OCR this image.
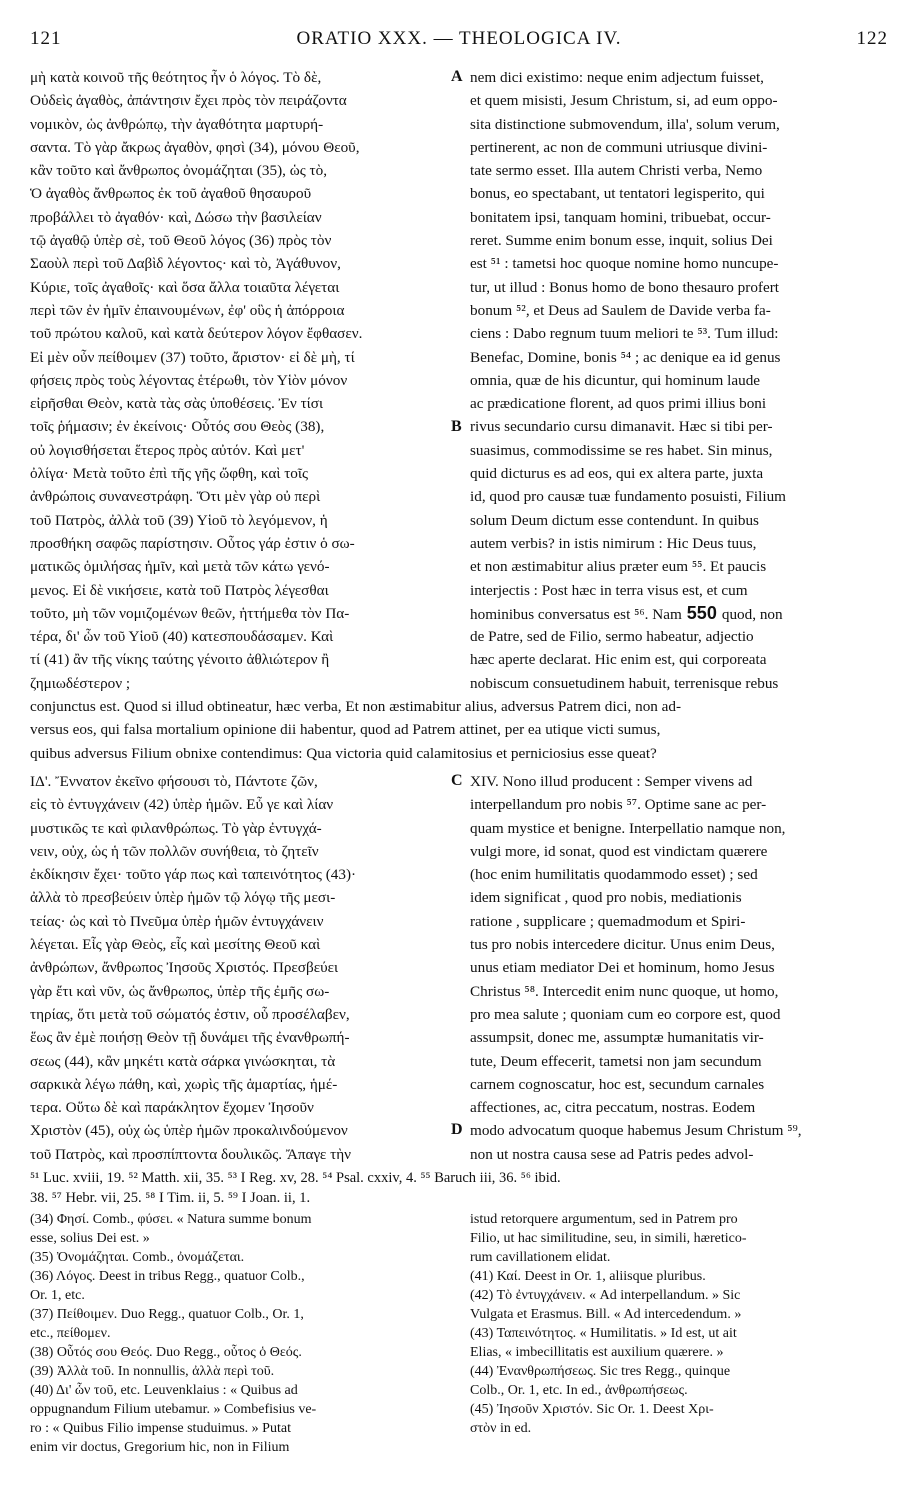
121	ORATIO XXX. — THEOLOGICA IV.	122
A
B
C
D
μὴ κατὰ κοινοῦ τῆς θεότητος ἦν ὁ λόγος. Τὸ δὲ,
Οὐδεὶς ἀγαθὸς, ἀπάντησιν ἔχει πρὸς τὸν πειράζοντα
νομικὸν, ὡς ἀνθρώπῳ, τὴν ἀγαθότητα μαρτυρή-
σαντα. Τὸ γὰρ ἄκρως ἀγαθὸν, φησὶ (34), μόνου Θεοῦ,
κἂν τοῦτο καὶ ἄνθρωπος ὀνομάζηται (35), ὡς τὸ,
Ὁ ἀγαθὸς ἄνθρωπος ἐκ τοῦ ἀγαθοῦ θησαυροῦ
προβάλλει τὸ ἀγαθόν· καὶ, Δώσω τὴν βασιλείαν
τῷ ἀγαθῷ ὑπὲρ σὲ, τοῦ Θεοῦ λόγος (36) πρὸς τὸν
Σαοὺλ περὶ τοῦ Δαβὶδ λέγοντος· καὶ τὸ, Ἀγάθυνον,
Κύριε, τοῖς ἀγαθοῖς· καὶ ὅσα ἄλλα τοιαῦτα λέγεται
περὶ τῶν ἐν ἡμῖν ἐπαινουμένων, ἐφ' οὓς ἡ ἀπόρροια
τοῦ πρώτου καλοῦ, καὶ κατὰ δεύτερον λόγον ἔφθασεν.
Εἰ μὲν οὖν πείθοιμεν (37) τοῦτο, ἄριστον· εἰ δὲ μὴ, τί
φήσεις πρὸς τοὺς λέγοντας ἑτέρωθι, τὸν Υἱὸν μόνον
εἰρῆσθαι Θεὸν, κατὰ τὰς σὰς ὑποθέσεις. Ἐν τίσι
τοῖς ῥήμασιν; ἐν ἐκείνοις· Οὗτός σου Θεὸς (38),
οὐ λογισθήσεται ἕτερος πρὸς αὐτόν. Καὶ μετ'
ὀλίγα· Μετὰ τοῦτο ἐπὶ τῆς γῆς ὤφθη, καὶ τοῖς
ἀνθρώποις συνανεστράφη. Ὅτι μὲν γὰρ οὐ περὶ
τοῦ Πατρὸς, ἀλλὰ τοῦ (39) Υἱοῦ τὸ λεγόμενον, ἡ
προσθήκη σαφῶς παρίστησιν. Οὗτος γάρ ἐστιν ὁ σω-
ματικῶς ὁμιλήσας ἡμῖν, καὶ μετὰ τῶν κάτω γενό-
μενος. Εἰ δὲ νικήσειε, κατὰ τοῦ Πατρὸς λέγεσθαι
τοῦτο, μὴ τῶν νομιζομένων θεῶν, ἡττήμεθα τὸν Πα-
τέρα, δι' ὧν τοῦ Υἱοῦ (40) κατεσπουδάσαμεν. Καὶ
τί (41) ἂν τῆς νίκης ταύτης γένοιτο ἀθλιώτερον ἢ
ζημιωδέστερον ;
nem dici existimo: neque enim adjectum fuisset,
et quem misisti, Jesum Christum, si, ad eum oppo-
sita distinctione submovendum, illa', solum verum,
pertinerent, ac non de communi utriusque divini-
tate sermo esset. Illa autem Christi verba, Nemo
bonus, eo spectabant, ut tentatori legisperito, qui
bonitatem ipsi, tanquam homini, tribuebat, occur-
reret. Summe enim bonum esse, inquit, solius Dei
est ⁵¹ : tametsi hoc quoque nomine homo nuncupe-
tur, ut illud : Bonus homo de bono thesauro profert
bonum ⁵², et Deus ad Saulem de Davide verba fa-
ciens : Dabo regnum tuum meliori te ⁵³. Tum illud:
Benefac, Domine, bonis ⁵⁴ ; ac denique ea id genus
omnia, quæ de his dicuntur, qui hominum laude
ac prædicatione florent, ad quos primi illius boni
rivus secundario cursu dimanavit. Hæc si tibi per-
suasimus, commodissime se res habet. Sin minus,
quid dicturus es ad eos, qui ex altera parte, juxta
id, quod pro causæ tuæ fundamento posuisti, Filium
solum Deum dictum esse contendunt. In quibus
autem verbis? in istis nimirum : Hic Deus tuus,
et non æstimabitur alius præter eum ⁵⁵. Et paucis
interjectis : Post hæc in terra visus est, et cum
hominibus conversatus est ⁵⁶. Nam 550 quod, non
de Patre, sed de Filio, sermo habeatur, adjectio
hæc aperte declarat. Hic enim est, qui corporeata
nobiscum consuetudinem habuit, terrenisque rebus
conjunctus est. Quod si illud obtineatur, hæc verba, Et non æstimabitur alius, adversus Patrem dici, non ad-
versus eos, qui falsa mortalium opinione dii habentur, quod ad Patrem attinet, per ea utique victi sumus,
quibus adversus Filium obnixe contendimus: Qua victoria quid calamitosius et perniciosius esse queat?
ΙΔ'. Ἔννατον ἐκεῖνο φήσουσι τὸ, Πάντοτε ζῶν,
εἰς τὸ ἐντυγχάνειν (42) ὑπὲρ ἡμῶν. Εὖ γε καὶ λίαν
μυστικῶς τε καὶ φιλανθρώπως. Τὸ γὰρ ἐντυγχά-
νειν, οὐχ, ὡς ἡ τῶν πολλῶν συνήθεια, τὸ ζητεῖν
ἐκδίκησιν ἔχει· τοῦτο γάρ πως καὶ ταπεινότητος (43)·
ἀλλὰ τὸ πρεσβεύειν ὑπὲρ ἡμῶν τῷ λόγῳ τῆς μεσι-
τείας· ὡς καὶ τὸ Πνεῦμα ὑπὲρ ἡμῶν ἐντυγχάνειν
λέγεται. Εἷς γὰρ Θεὸς, εἷς καὶ μεσίτης Θεοῦ καὶ
ἀνθρώπων, ἄνθρωπος Ἰησοῦς Χριστός. Πρεσβεύει
γὰρ ἔτι καὶ νῦν, ὡς ἄνθρωπος, ὑπὲρ τῆς ἐμῆς σω-
τηρίας, ὅτι μετὰ τοῦ σώματός ἐστιν, οὗ προσέλαβεν,
ἕως ἂν ἐμὲ ποιήσῃ Θεὸν τῇ δυνάμει τῆς ἐνανθρωπή-
σεως (44), κἂν μηκέτι κατὰ σάρκα γινώσκηται, τὰ
σαρκικὰ λέγω πάθη, καὶ, χωρὶς τῆς ἁμαρτίας, ἡμέ-
τερα. Οὕτω δὲ καὶ παράκλητον ἔχομεν Ἰησοῦν
Χριστὸν (45), οὐχ ὡς ὑπὲρ ἡμῶν προκαλινδούμενον
τοῦ Πατρὸς, καὶ προσπίπτοντα δουλικῶς. Ἄπαγε τὴν
XIV. Nono illud producent : Semper vivens ad
interpellandum pro nobis ⁵⁷. Optime sane ac per-
quam mystice et benigne. Interpellatio namque non,
vulgi more, id sonat, quod est vindictam quærere
(hoc enim humilitatis quodammodo esset) ; sed
idem significat , quod pro nobis, mediationis
ratione , supplicare ; quemadmodum et Spiri-
tus pro nobis intercedere dicitur. Unus enim Deus,
unus etiam mediator Dei et hominum, homo Jesus
Christus ⁵⁸. Intercedit enim nunc quoque, ut homo,
pro mea salute ; quoniam cum eo corpore est, quod
assumpsit, donec me, assumptæ humanitatis vir-
tute, Deum effecerit, tametsi non jam secundum
carnem cognoscatur, hoc est, secundum carnales
affectiones, ac, citra peccatum, nostras. Eodem
modo advocatum quoque habemus Jesum Christum ⁵⁹,
non ut nostra causa sese ad Patris pedes advol-
⁵¹ Luc. xviii, 19. ⁵² Matth. xii, 35. ⁵³ I Reg. xv, 28. ⁵⁴ Psal. cxxiv, 4. ⁵⁵ Baruch iii, 36. ⁵⁶ ibid.
38. ⁵⁷ Hebr. vii, 25. ⁵⁸ I Tim. ii, 5. ⁵⁹ I Joan. ii, 1.
(34) Φησί. Comb., φύσει. « Natura summe bonum
esse, solius Dei est. »
(35) Ὀνομάζηται. Comb., ὀνομάζεται.
(36) Λόγος. Deest in tribus Regg., quatuor Colb.,
Or. 1, etc.
(37) Πείθοιμεν. Duo Regg., quatuor Colb., Or. 1,
etc., πείθομεν.
(38) Οὗτός σου Θεός. Duo Regg., οὗτος ὁ Θεός.
(39) Ἀλλὰ τοῦ. In nonnullis, ἀλλὰ περὶ τοῦ.
(40) Δι' ὧν τοῦ, etc. Leuvenklaius : « Quibus ad
oppugnandum Filium utebamur. » Combefisius ve-
ro : « Quibus Filio impense studuimus. » Putat
enim vir doctus, Gregorium hic, non in Filium
istud retorquere argumentum, sed in Patrem pro
Filio, ut hac similitudine, seu, in simili, hæretico-
rum cavillationem elidat.
(41) Καί. Deest in Or. 1, aliisque pluribus.
(42) Τὸ ἐντυγχάνειν. « Ad interpellandum. » Sic
Vulgata et Erasmus. Bill. « Ad intercedendum. »
(43) Ταπεινότητος. « Humilitatis. » Id est, ut ait
Elias, « imbecillitatis est auxilium quærere. »
(44) Ἐνανθρωπήσεως. Sic tres Regg., quinque
Colb., Or. 1, etc. In ed., ἀνθρωπήσεως.
(45) Ἰησοῦν Χριστόν. Sic Or. 1. Deest Χρι-
στὸν in ed.
